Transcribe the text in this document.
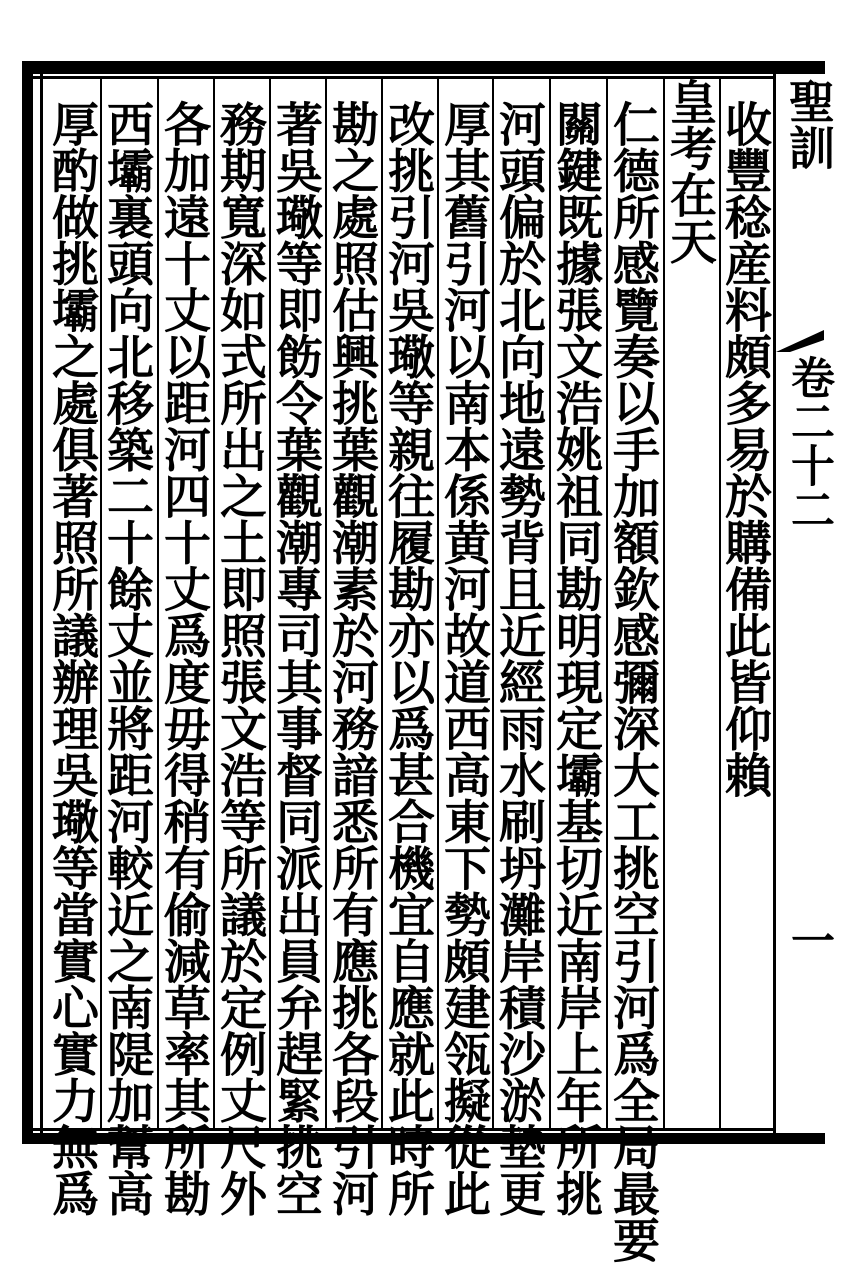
聖訓
卷二十二
一
收豐稔産料頗多易於購備此皆仰賴
皇考在天
仁德所感覽奏以手加額欽感彌深大工挑空引河爲全局最要
關鍵既據張文浩姚祖同勘明現定壩基切近南岸上年所挑
河頭偏於北向地遠勢背且近經雨水刷坍灘岸積沙淤墊更
厚其舊引河以南本係黄河故道西高東下勢頗建瓴擬從此
改挑引河吳璥等親往履勘亦以爲甚合機宜自應就此時所
勘之處照估興挑葉觀潮素於河務諳悉所有應挑各段引河
著吳璥等即飭令葉觀潮專司其事督同派出員弁趕緊挑空
務期寬深如式所出之土即照張文浩等所議於定例丈尺外
各加遠十丈以距河四十丈爲度毋得稍有偷減草率其所勘
西壩裏頭向北移築二十餘丈並將距河較近之南隄加幫高
厚酌做挑壩之處俱著照所議辦理吳璥等當實心實力無爲
